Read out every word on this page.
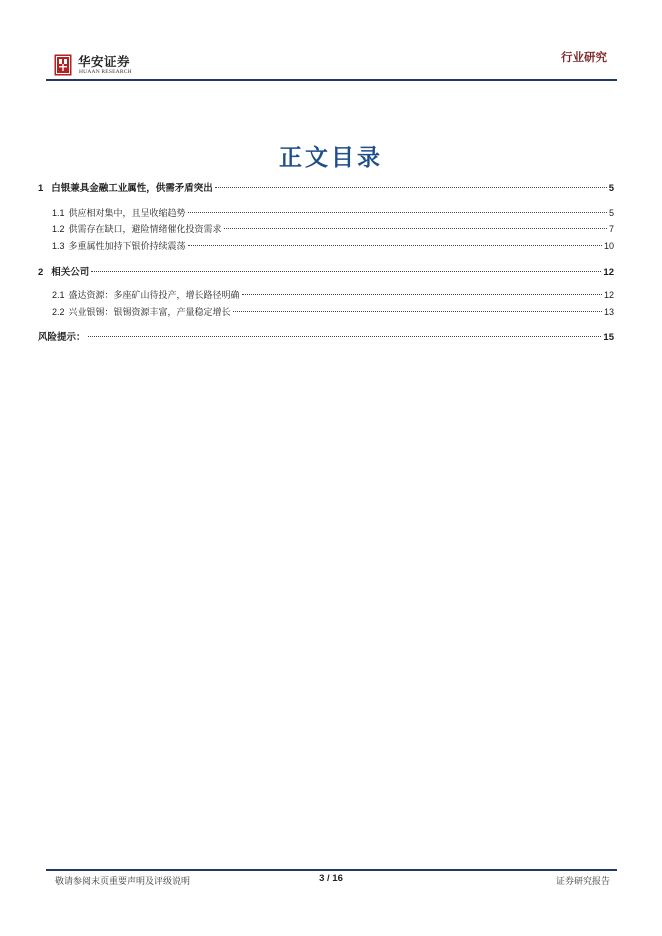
华安证券
HUAAN RESEARCH
行业研究
正文目录
1 白银兼具金融工业属性，供需矛盾突出	5
1.1 供应相对集中，且呈收缩趋势	5
1.2 供需存在缺口，避险情绪催化投资需求	7
1.3 多重属性加持下银价持续震荡	10
2 相关公司	12
2.1 盛达资源：多座矿山待投产，增长路径明确	12
2.2 兴业银锡：银锡资源丰富，产量稳定增长	13
风险提示：	15
敬请参阅末页重要声明及评级说明	3 / 16	证券研究报告
